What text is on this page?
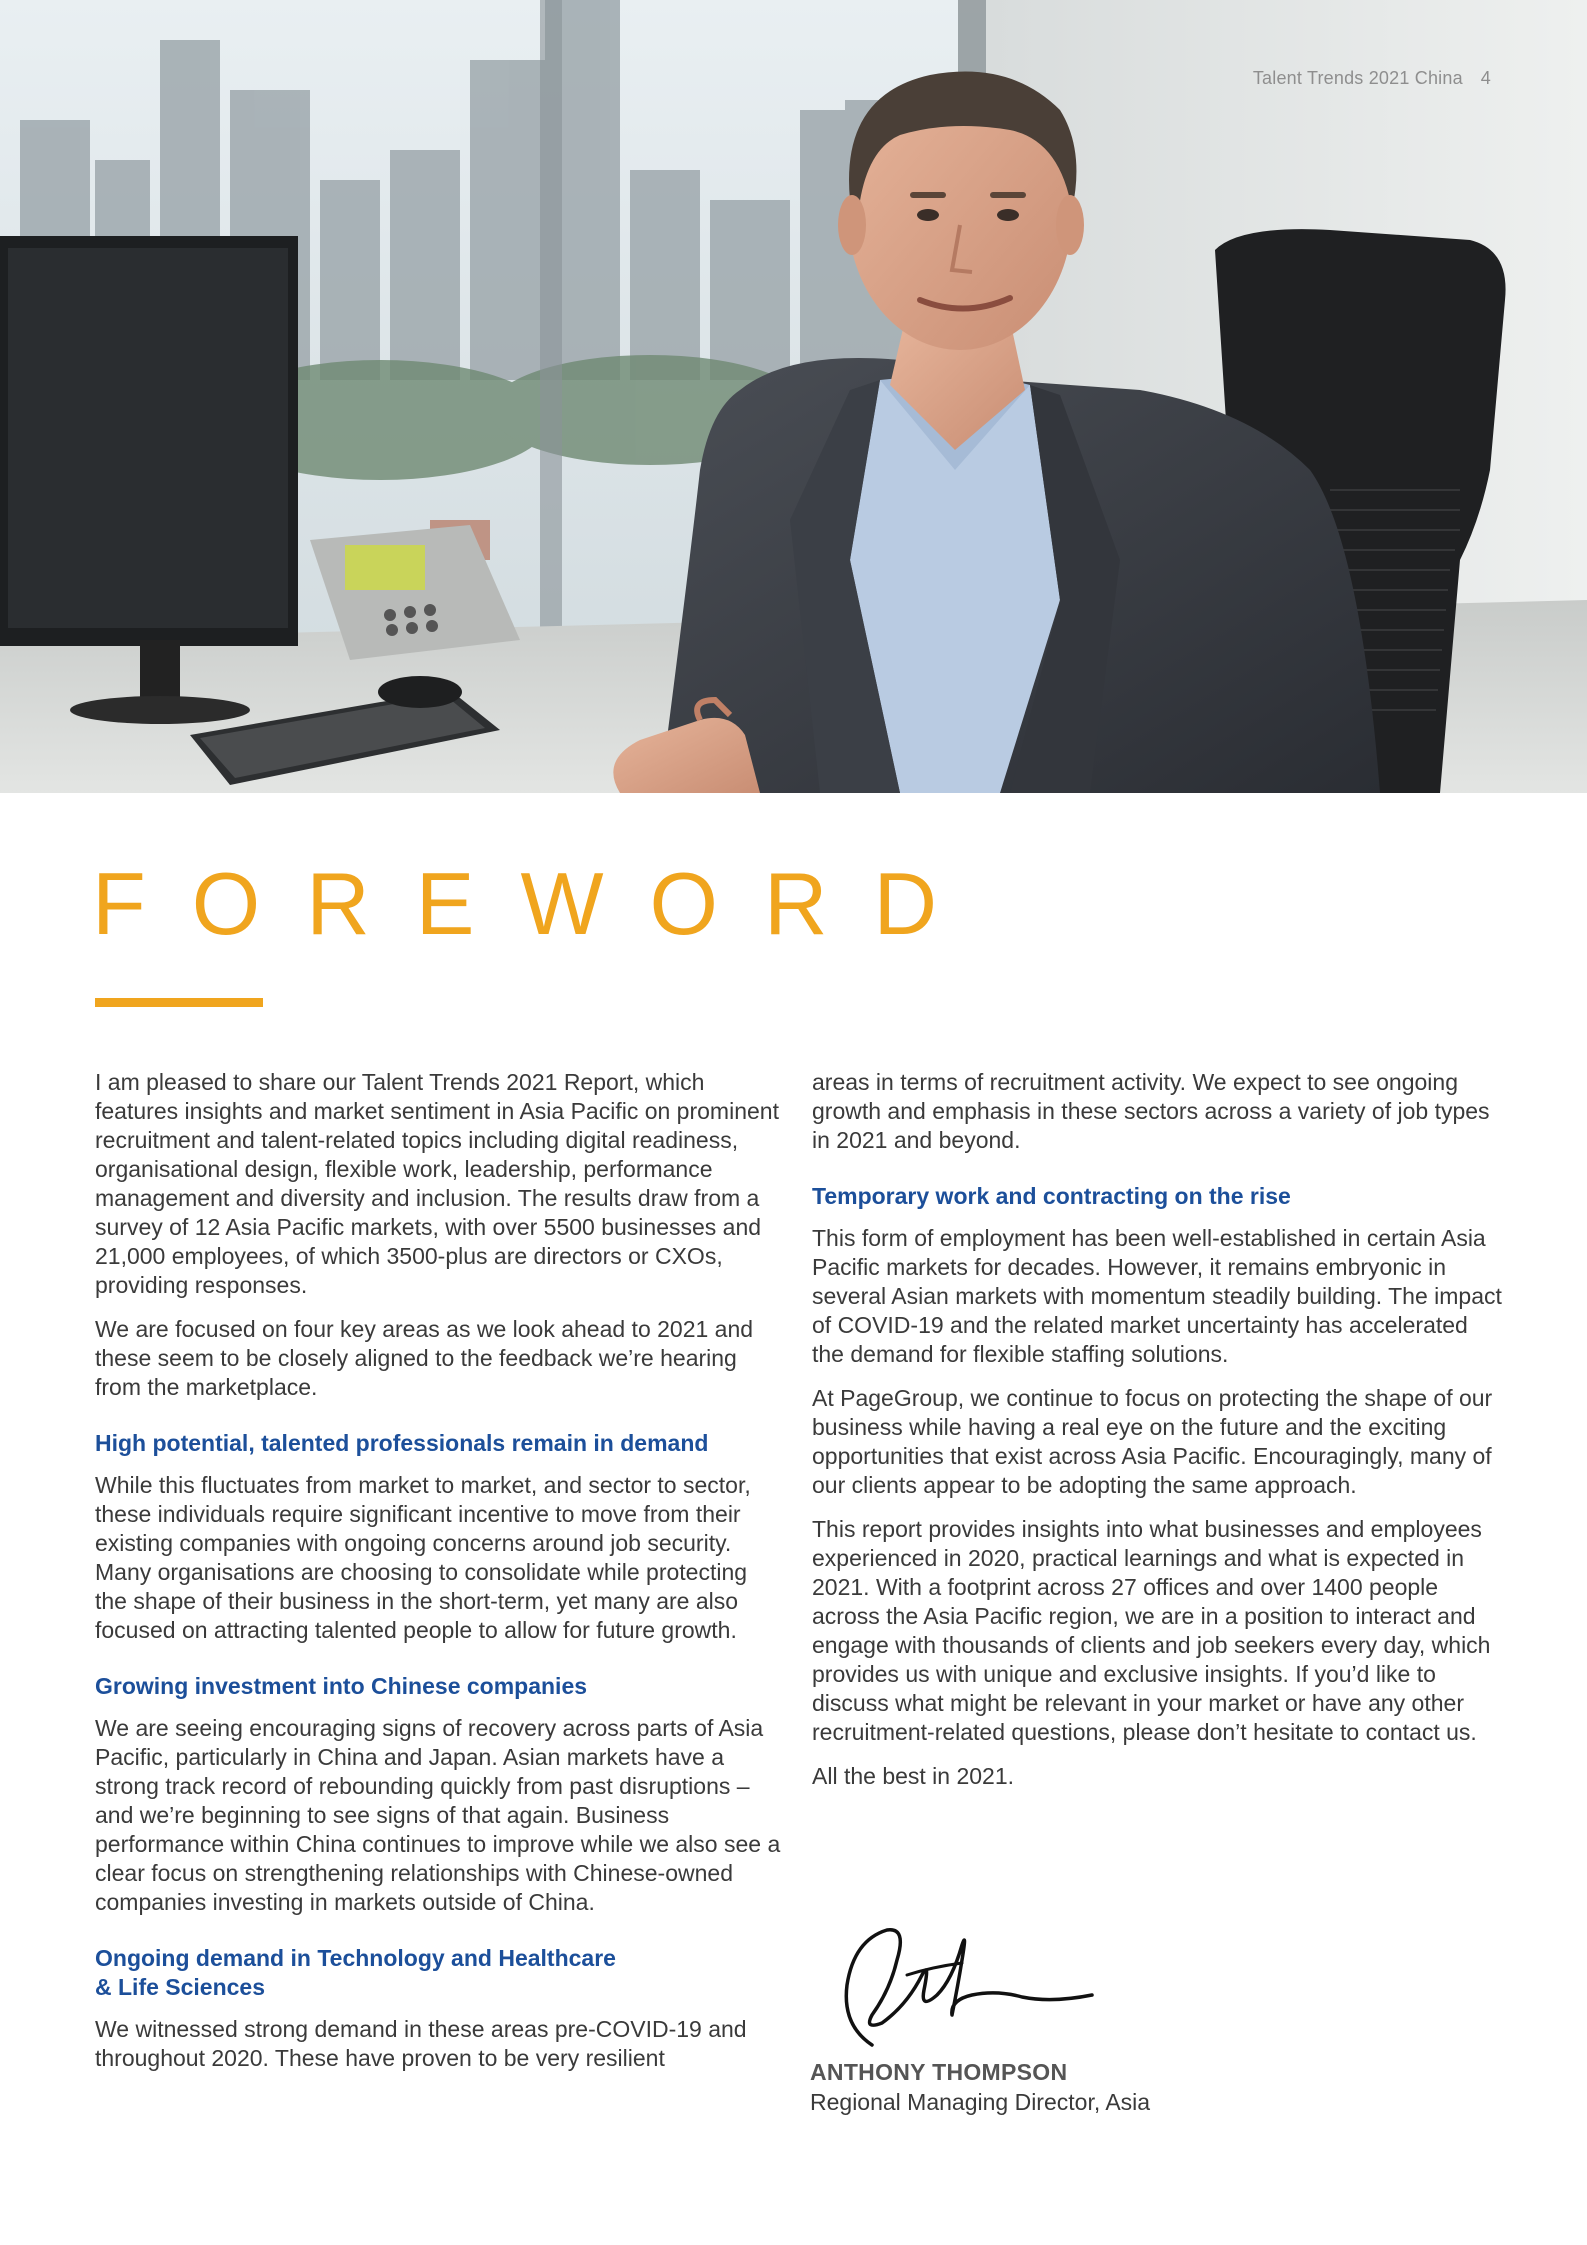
Talent Trends 2021 China 4
FOREWORD

I am pleased to share our Talent Trends 2021 Report, which features insights and market sentiment in Asia Pacific on prominent recruitment and talent-related topics including digital readiness, organisational design, flexible work, leadership, performance management and diversity and inclusion. The results draw from a survey of 12 Asia Pacific markets, with over 5500 businesses and 21,000 employees, of which 3500-plus are directors or CXOs, providing responses.

We are focused on four key areas as we look ahead to 2021 and these seem to be closely aligned to the feedback we’re hearing from the marketplace.

High potential, talented professionals remain in demand

While this fluctuates from market to market, and sector to sector, these individuals require significant incentive to move from their existing companies with ongoing concerns around job security. Many organisations are choosing to consolidate while protecting the shape of their business in the short-term, yet many are also focused on attracting talented people to allow for future growth.

Growing investment into Chinese companies

We are seeing encouraging signs of recovery across parts of Asia Pacific, particularly in China and Japan. Asian markets have a strong track record of rebounding quickly from past disruptions – and we’re beginning to see signs of that again. Business performance within China continues to improve while we also see a clear focus on strengthening relationships with Chinese-owned companies investing in markets outside of China.

Ongoing demand in Technology and Healthcare
& Life Sciences

We witnessed strong demand in these areas pre-COVID-19 and throughout 2020. These have proven to be very resilient

areas in terms of recruitment activity. We expect to see ongoing growth and emphasis in these sectors across a variety of job types in 2021 and beyond.

Temporary work and contracting on the rise

This form of employment has been well-established in certain Asia Pacific markets for decades. However, it remains embryonic in several Asian markets with momentum steadily building. The impact of COVID-19 and the related market uncertainty has accelerated the demand for flexible staffing solutions.

At PageGroup, we continue to focus on protecting the shape of our business while having a real eye on the future and the exciting opportunities that exist across Asia Pacific. Encouragingly, many of our clients appear to be adopting the same approach.

This report provides insights into what businesses and employees experienced in 2020, practical learnings and what is expected in 2021. With a footprint across 27 offices and over 1400 people across the Asia Pacific region, we are in a position to interact and engage with thousands of clients and job seekers every day, which provides us with unique and exclusive insights. If you’d like to discuss what might be relevant in your market or have any other recruitment-related questions, please don’t hesitate to contact us.

All the best in 2021.

ANTHONY THOMPSON
Regional Managing Director, Asia
